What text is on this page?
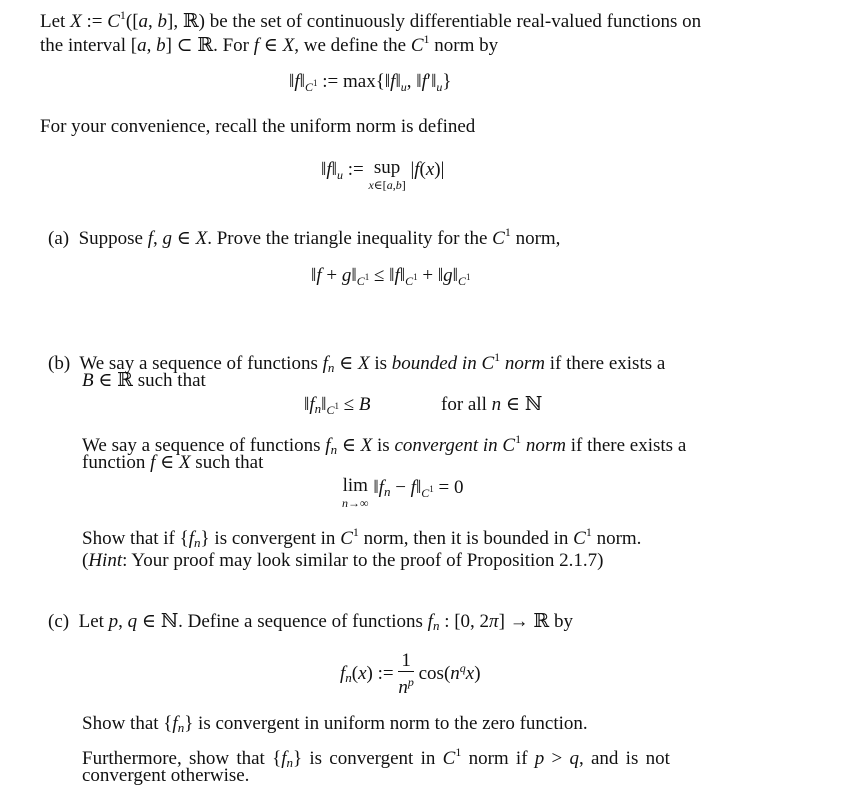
Let X := $C^1([a$, b], ℝ) be the set of continuously differentiable real-valued functions on
the interval [a, b] ⊂ ℝ. For f ∈ X, we define the $C^1$ norm by
$‖f‖_{C^1}$ := $\max\{‖f‖_u$, $‖f'‖_u$}
For your convenience, recall the uniform norm is defined
$‖f‖_u$ := sup
x∈[a,b]
|f(x)|
(a)  Suppose f, g ∈ X. Prove the triangle inequality for the $C^1$ norm,
‖f + $g‖_{C^1}$ ≤ $‖f‖_{C^1}$ + $‖g‖_{C^1}$
(b)  We say a sequence of functions fn ∈ X is bounded in $C^1$ norm if there exists a
B ∈ ℝ such that
$‖fn‖_{C^1} \le B$	for all n ∈ ℕ
We say a sequence of functions fn ∈ X is convergent in $C^1$ norm if there exists a
function f ∈ X such that
lim
n→∞
‖fn − $f‖_{C^1} = 0$
Show that if {fn} is convergent in $C^1$ norm, then it is bounded in $C^1$ norm.
(Hint: Your proof may look similar to the proof of Proposition 2.1.7)
(c)  Let p, q ∈ ℕ. Define a sequence of functions fn : [0, 2π] → ℝ by
fn(x) := $\frac{1}{n^p} \cos(n^qx)$
Show that {fn} is convergent in uniform norm to the zero function.
Furthermore, show that {fn} is convergent in $C^1$ norm if p > q, and is not
convergent otherwise.
